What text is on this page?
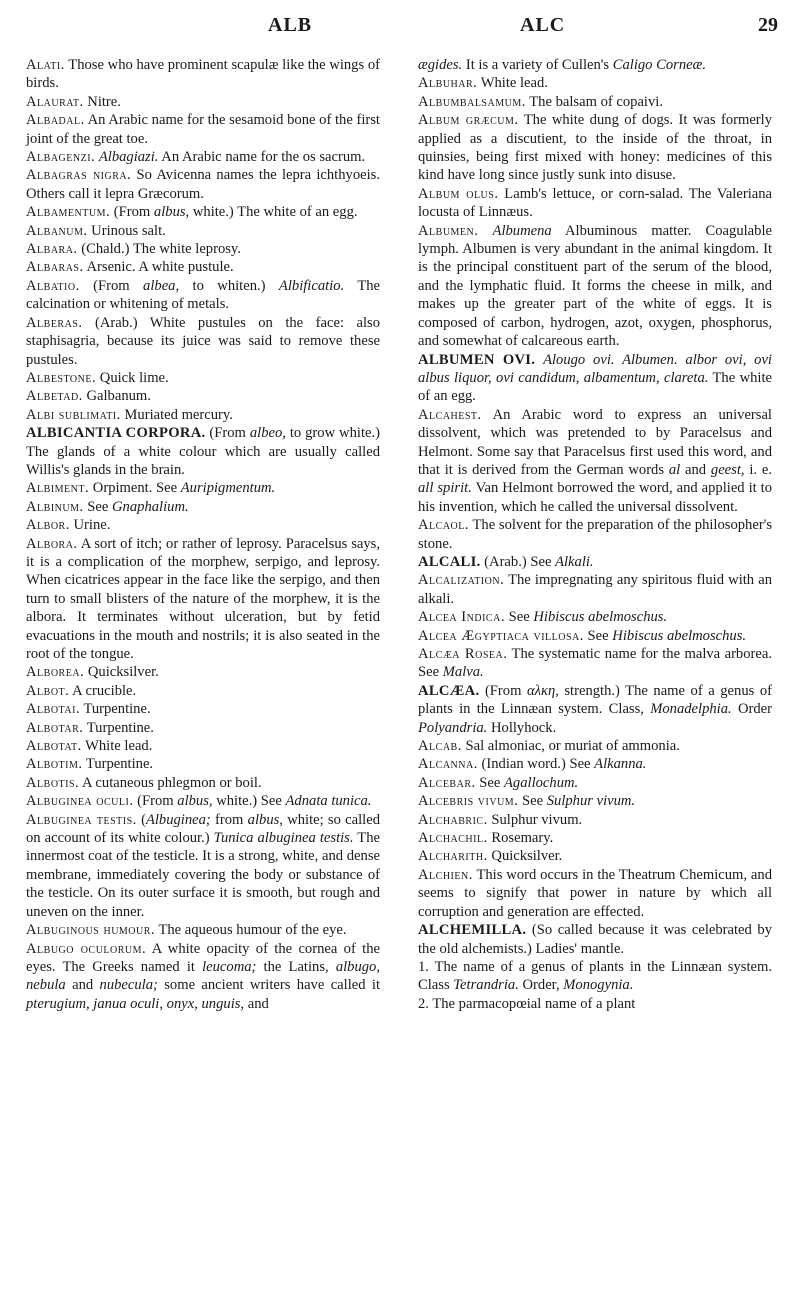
ALB	ALC	29

Alati. Those who have prominent scapulæ like the wings of birds.

Alaurat. Nitre.

Albadal. An Arabic name for the sesamoid bone of the first joint of the great toe.

Albagenzi. Albagiazi. An Arabic name for the os sacrum.

Albagras nigra. So Avicenna names the lepra ichthyoeis. Others call it lepra Græcorum.

Albamentum. (From albus, white.) The white of an egg.

Albanum. Urinous salt.

Albara. (Chald.) The white leprosy.

Albaras. Arsenic. A white pustule.

Albatio. (From albea, to whiten.) Albificatio. The calcination or whitening of metals.

Alberas. (Arab.) White pustules on the face: also staphisagria, because its juice was said to remove these pustules.

Albestone. Quick lime.

Albetad. Galbanum.

Albi sublimati. Muriated mercury.

ALBICANTIA CORPORA. (From albeo, to grow white.) The glands of a white colour which are usually called Willis's glands in the brain.

Albiment. Orpiment. See Auripigmentum.

Albinum. See Gnaphalium.

Albor. Urine.

Albora. A sort of itch; or rather of leprosy. Paracelsus says, it is a complication of the morphew, serpigo, and leprosy. When cicatrices appear in the face like the serpigo, and then turn to small blisters of the nature of the morphew, it is the albora. It terminates without ulceration, but by fetid evacuations in the mouth and nostrils; it is also seated in the root of the tongue.

Alborea. Quicksilver.

Albot. A crucible.

Albotai. Turpentine.

Albotar. Turpentine.

Albotat. White lead.

Albotim. Turpentine.

Albotis. A cutaneous phlegmon or boil.

Albuginea oculi. (From albus, white.) See Adnata tunica.

Albuginea testis. (Albuginea; from albus, white; so called on account of its white colour.) Tunica albuginea testis. The innermost coat of the testicle. It is a strong, white, and dense membrane, immediately covering the body or substance of the testicle. On its outer surface it is smooth, but rough and uneven on the inner.

Albuginous humour. The aqueous humour of the eye.

Albugo oculorum. A white opacity of the cornea of the eyes. The Greeks named it leucoma; the Latins, albugo, nebula and nubecula; some ancient writers have called it pterugium, janua oculi, onyx, unguis, and

ægides. It is a variety of Cullen's Caligo Corneæ.

Albuhar. White lead.

Albumbalsamum. The balsam of copaivi.

Album græcum. The white dung of dogs. It was formerly applied as a discutient, to the inside of the throat, in quinsies, being first mixed with honey: medicines of this kind have long since justly sunk into disuse.

Album olus. Lamb's lettuce, or corn-salad. The Valeriana locusta of Linnæus.

Albumen. Albumena Albuminous matter. Coagulable lymph. Albumen is very abundant in the animal kingdom. It is the principal constituent part of the serum of the blood, and the lymphatic fluid. It forms the cheese in milk, and makes up the greater part of the white of eggs. It is composed of carbon, hydrogen, azot, oxygen, phosphorus, and somewhat of calcareous earth.

ALBUMEN OVI. Alougo ovi. Albumen. albor ovi, ovi albus liquor, ovi candidum, albamentum, clareta. The white of an egg.

Alcahest. An Arabic word to express an universal dissolvent, which was pretended to by Paracelsus and Helmont. Some say that Paracelsus first used this word, and that it is derived from the German words al and geest, i. e. all spirit. Van Helmont borrowed the word, and applied it to his invention, which he called the universal dissolvent.

Alcaol. The solvent for the preparation of the philosopher's stone.

ALCALI. (Arab.) See Alkali.

Alcalization. The impregnating any spiritous fluid with an alkali.

Alcea Indica. See Hibiscus abelmoschus.

Alcea Ægyptiaca villosa. See Hibiscus abelmoschus.

Alcæa Rosea. The systematic name for the malva arborea. See Malva.

ALCÆA. (From αλκη, strength.) The name of a genus of plants in the Linnæan system. Class, Monadelphia. Order Polyandria. Hollyhock.

Alcab. Sal almoniac, or muriat of ammonia.

Alcanna. (Indian word.) See Alkanna.

Alcebar. See Agallochum.

Alcebris vivum. See Sulphur vivum.

Alchabric. Sulphur vivum.

Alchachil. Rosemary.

Alcharith. Quicksilver.

Alchien. This word occurs in the Theatrum Chemicum, and seems to signify that power in nature by which all corruption and generation are effected.

ALCHEMILLA. (So called because it was celebrated by the old alchemists.) Ladies' mantle.

1. The name of a genus of plants in the Linnæan system. Class Tetrandria. Order, Monogynia.

2. The parmacopœial name of a plant
